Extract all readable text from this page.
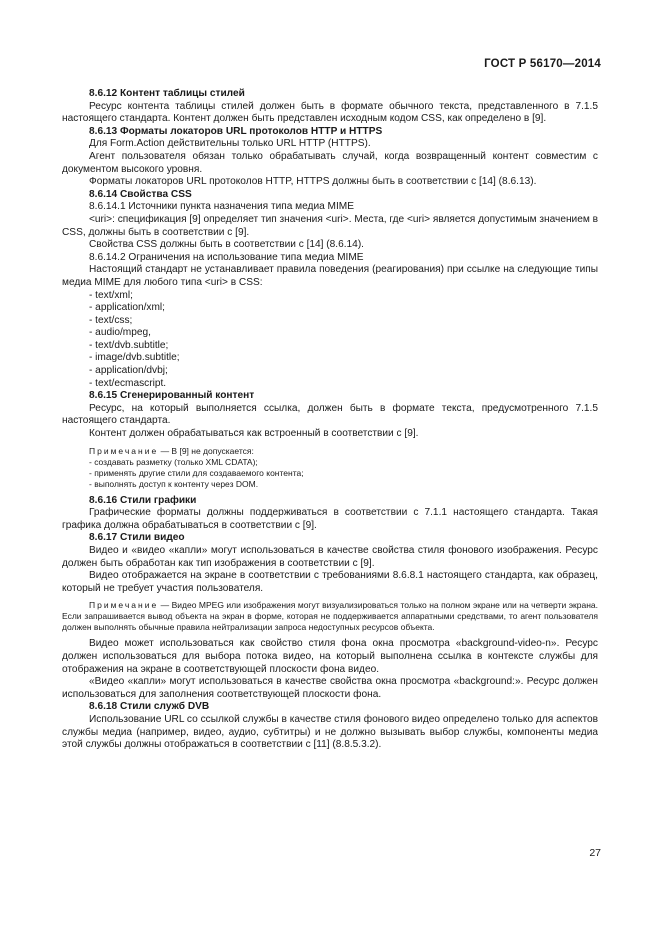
ГОСТ Р 56170—2014
8.6.12 Контент таблицы стилей
Ресурс контента таблицы стилей должен быть в формате обычного текста, представленного в 7.1.5 настоящего стандарта. Контент должен быть представлен исходным кодом CSS, как определено в [9].
8.6.13 Форматы локаторов URL протоколов HTTP и HTTPS
Для Form.Action действительны только URL HTTP (HTTPS).
Агент пользователя обязан только обрабатывать случай, когда возвращенный контент совместим с документом высокого уровня.
Форматы локаторов URL протоколов HTTP, HTTPS должны быть в соответствии с [14] (8.6.13).
8.6.14 Свойства CSS
8.6.14.1 Источники пункта назначения типа медиа MIME
<uri>: спецификация [9] определяет тип значения <uri>. Места, где <uri> является допустимым значением в CSS, должны быть в соответствии с [9].
Свойства CSS должны быть в соответствии с [14] (8.6.14).
8.6.14.2 Ограничения на использование типа медиа MIME
Настоящий стандарт не устанавливает правила поведения (реагирования) при ссылке на следующие типы медиа MIME для любого типа <uri> в CSS:
- text/xml;
- application/xml;
- text/css;
- audio/mpeg,
- text/dvb.subtitle;
- image/dvb.subtitle;
- application/dvbj;
- text/ecmascript.
8.6.15 Сгенерированный контент
Ресурс, на который выполняется ссылка, должен быть в формате текста, предусмотренного 7.1.5 настоящего стандарта.
Контент должен обрабатываться как встроенный в соответствии с [9].
Примечание — В [9] не допускается:
- создавать разметку (только XML CDATA);
- применять другие стили для создаваемого контента;
- выполнять доступ к контенту через DOM.
8.6.16 Стили графики
Графические форматы должны поддерживаться в соответствии с 7.1.1 настоящего стандарта. Такая графика должна обрабатываться в соответствии с [9].
8.6.17 Стили видео
Видео и «видео «капли» могут использоваться в качестве свойства стиля фонового изображения. Ресурс должен быть обработан как тип изображения в соответствии с [9].
Видео отображается на экране в соответствии с требованиями 8.6.8.1 настоящего стандарта, как образец, который не требует участия пользователя.
Примечание — Видео MPEG или изображения могут визуализироваться только на полном экране или на четверти экрана. Если запрашивается вывод объекта на экран в форме, которая не поддерживается аппаратными средствами, то агент пользователя должен выполнять обычные правила нейтрализации запроса недоступных ресурсов объекта.
Видео может использоваться как свойство стиля фона окна просмотра «background-video-n». Ресурс должен использоваться для выбора потока видео, на который выполнена ссылка в контексте службы для отображения на экране в соответствующей плоскости фона видео.
«Видео «капли» могут использоваться в качестве свойства окна просмотра «background:». Ресурс должен использоваться для заполнения соответствующей плоскости фона.
8.6.18 Стили служб DVB
Использование URL со ссылкой службы в качестве стиля фонового видео определено только для аспектов службы медиа (например, видео, аудио, субтитры) и не должно вызывать выбор службы, компоненты медиа этой службы должны отображаться в соответствии с [11] (8.8.5.3.2).
27
